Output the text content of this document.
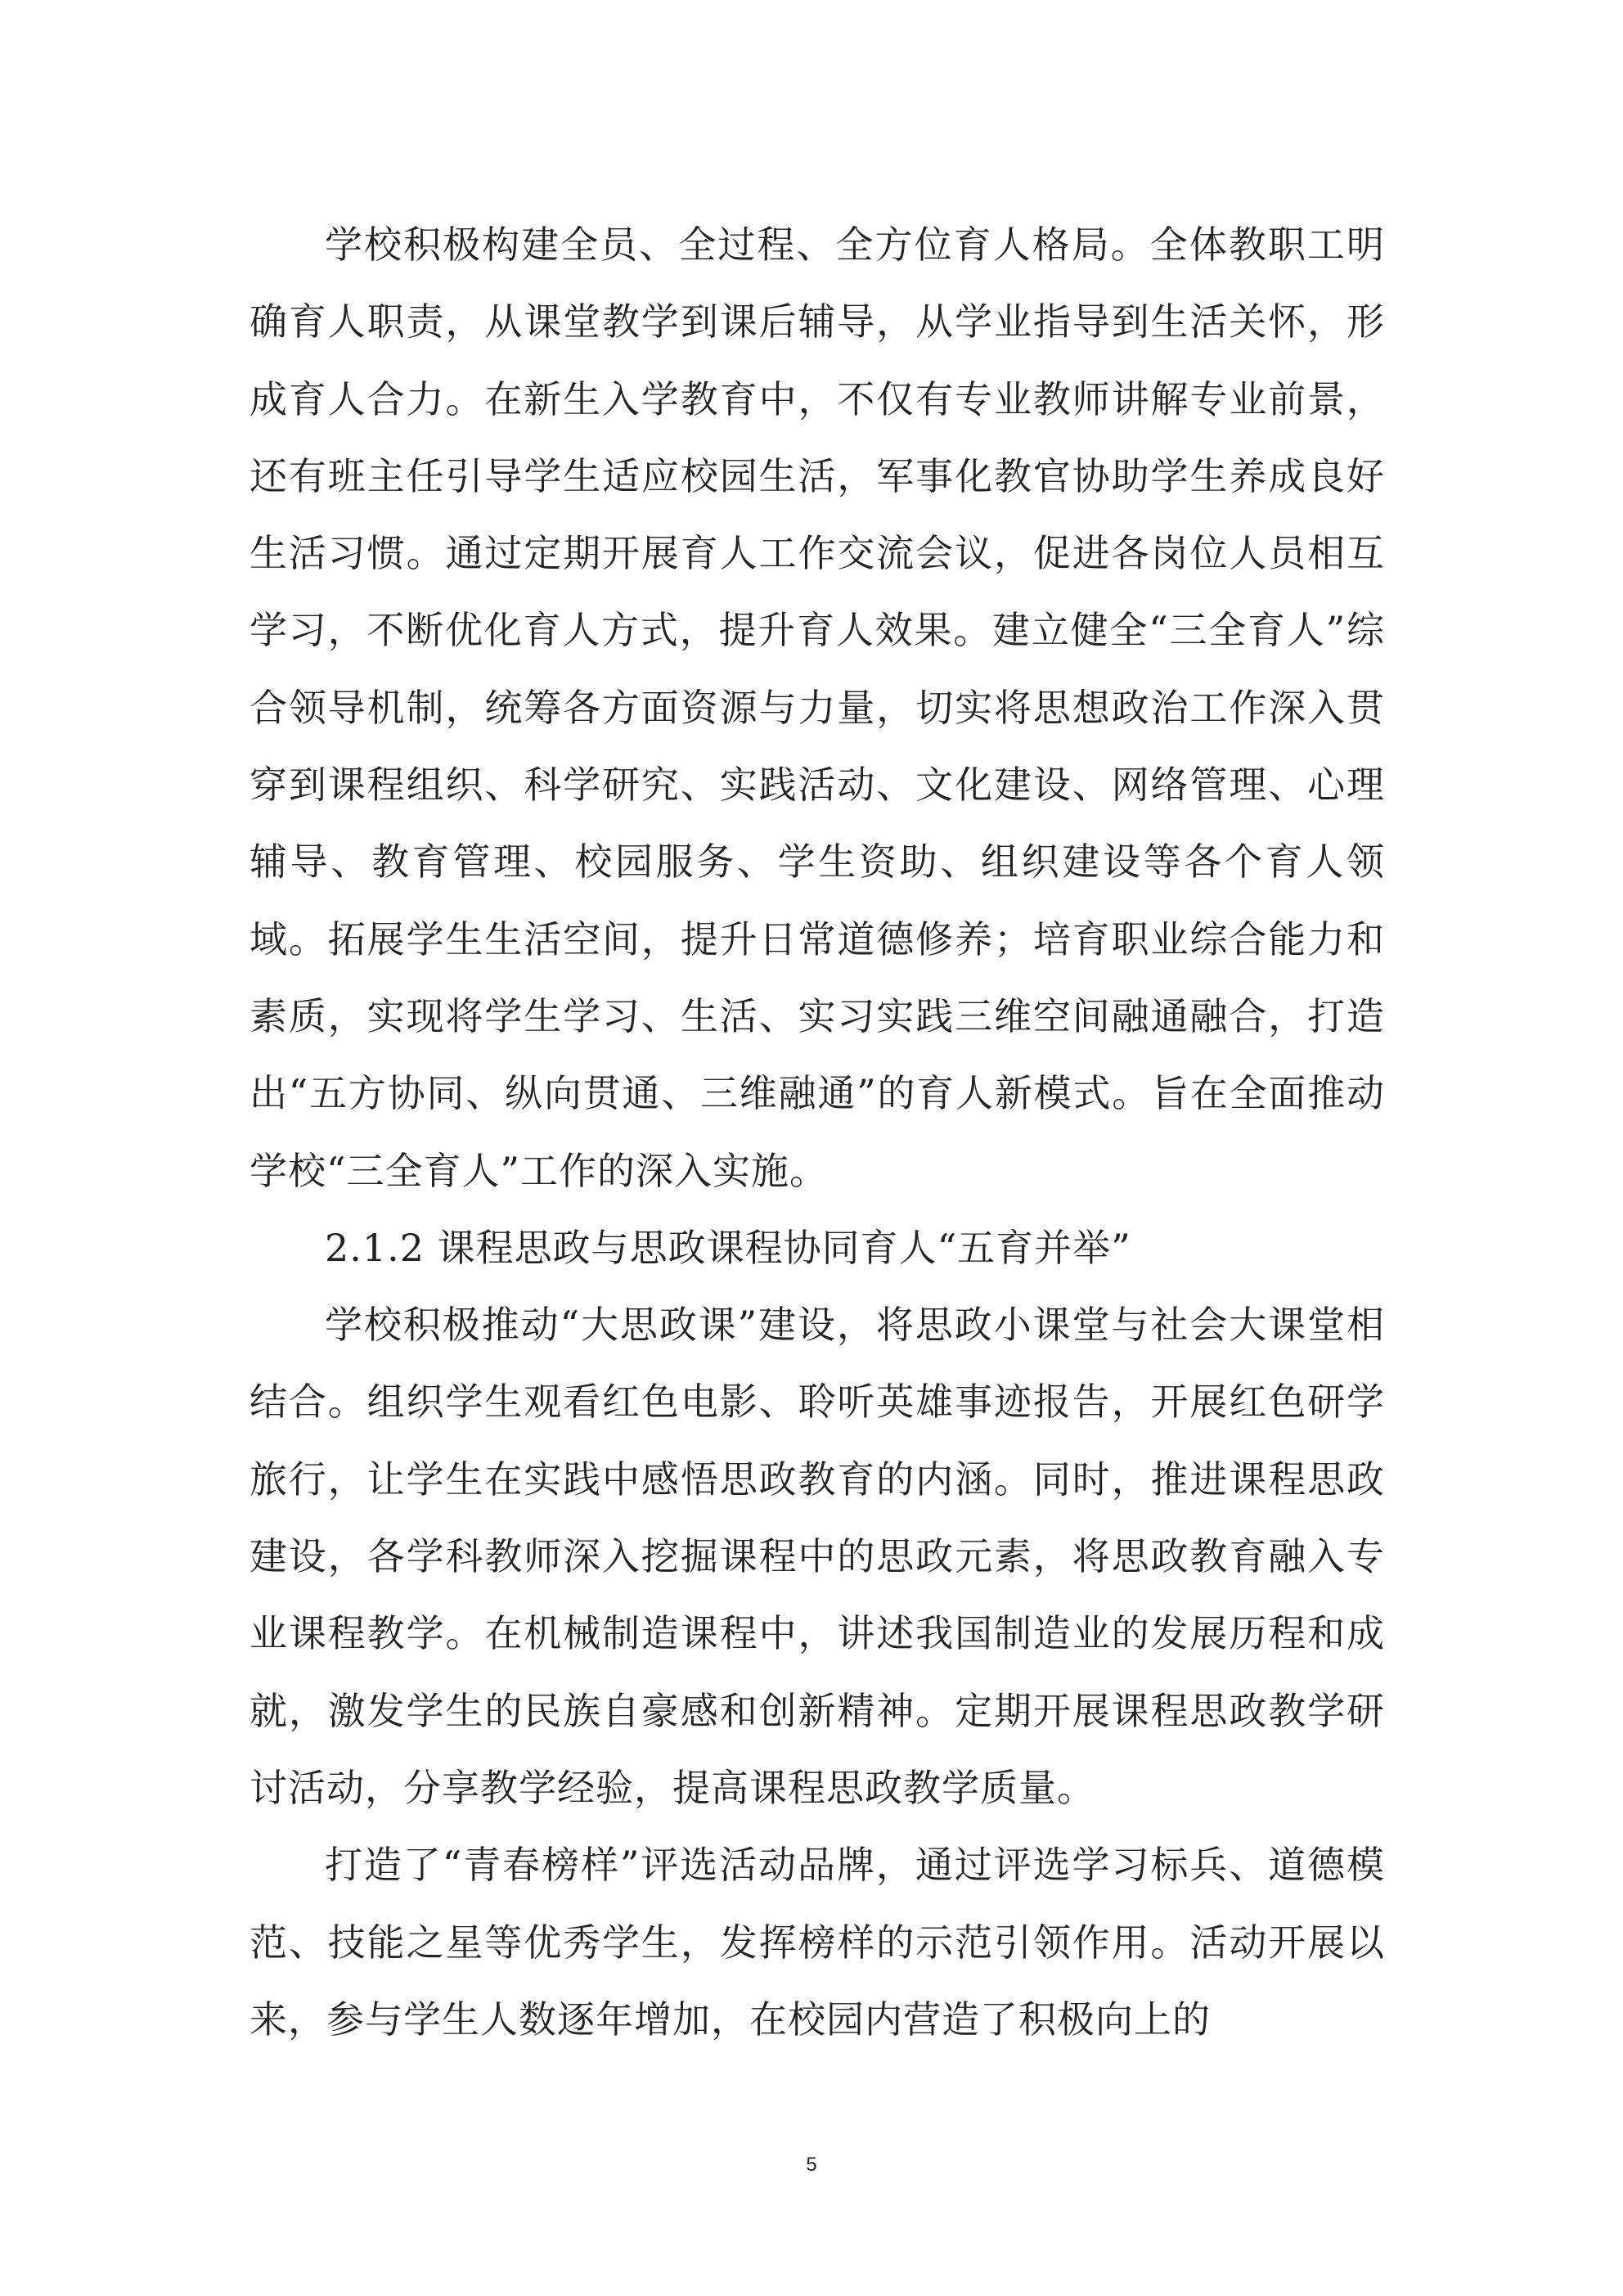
学校积极构建全员、全过程、全方位育人格局。全体教职工明确育人职责，从课堂教学到课后辅导，从学业指导到生活关怀，形成育人合力。在新生入学教育中，不仅有专业教师讲解专业前景，还有班主任引导学生适应校园生活，军事化教官协助学生养成良好生活习惯。通过定期开展育人工作交流会议，促进各岗位人员相互学习，不断优化育人方式，提升育人效果。建立健全“三全育人”综合领导机制，统筹各方面资源与力量，切实将思想政治工作深入贯穿到课程组织、科学研究、实践活动、文化建设、网络管理、心理辅导、教育管理、校园服务、学生资助、组织建设等各个育人领域。拓展学生生活空间，提升日常道德修养；培育职业综合能力和素质，实现将学生学习、生活、实习实践三维空间融通融合，打造出“五方协同、纵向贯通、三维融通”的育人新模式。旨在全面推动学校“三全育人”工作的深入实施。

2.1.2 课程思政与思政课程协同育人“五育并举”

学校积极推动“大思政课”建设，将思政小课堂与社会大课堂相结合。组织学生观看红色电影、聆听英雄事迹报告，开展红色研学旅行，让学生在实践中感悟思政教育的内涵。同时，推进课程思政建设，各学科教师深入挖掘课程中的思政元素，将思政教育融入专业课程教学。在机械制造课程中，讲述我国制造业的发展历程和成就，激发学生的民族自豪感和创新精神。定期开展课程思政教学研讨活动，分享教学经验，提高课程思政教学质量。

打造了“青春榜样”评选活动品牌，通过评选学习标兵、道德模范、技能之星等优秀学生，发挥榜样的示范引领作用。活动开展以来，参与学生人数逐年增加，在校园内营造了积极向上的

5
